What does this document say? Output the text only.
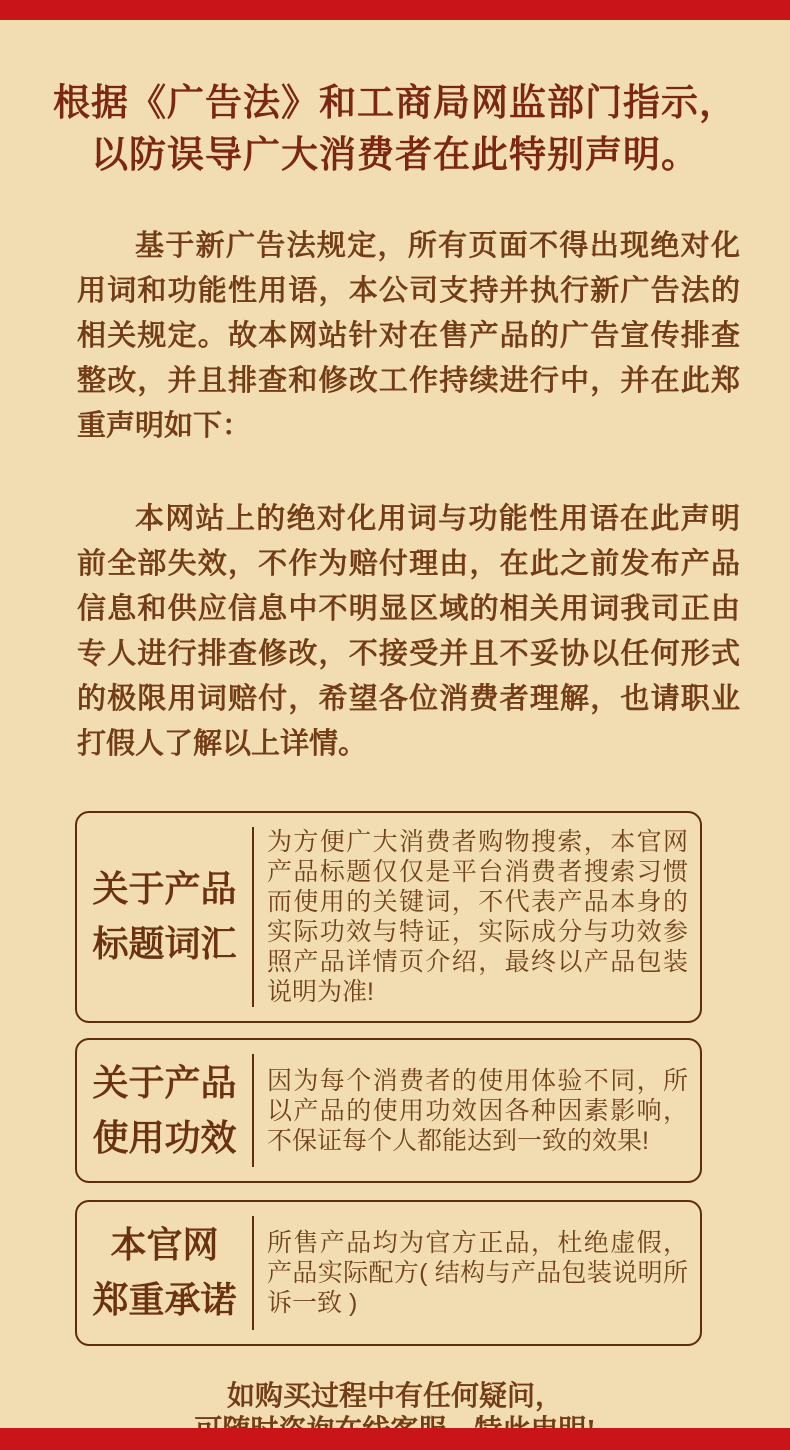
根据《广告法》和工商局网监部门指示，
以防误导广大消费者在此特别声明。

基于新广告法规定，所有页面不得出现绝对化用词和功能性用语，本公司支持并执行新广告法的相关规定。故本网站针对在售产品的广告宣传排查整改，并且排查和修改工作持续进行中，并在此郑重声明如下：

本网站上的绝对化用词与功能性用语在此声明前全部失效，不作为赔付理由，在此之前发布产品信息和供应信息中不明显区域的相关用词我司正由专人进行排查修改，不接受并且不妥协以任何形式的极限用词赔付，希望各位消费者理解，也请职业打假人了解以上详情。

关于产品
标题词汇
为方便广大消费者购物搜索，本官网产品标题仅仅是平台消费者搜索习惯而使用的关键词，不代表产品本身的实际功效与特证，实际成分与功效参照产品详情页介绍，最终以产品包装说明为准!
关于产品
使用功效
因为每个消费者的使用体验不同，所以产品的使用功效因各种因素影响，不保证每个人都能达到一致的效果!
本官网
郑重承诺
所售产品均为官方正品，杜绝虚假，产品实际配方( 结构与产品包装说明所诉一致 )
如购买过程中有任何疑问，
